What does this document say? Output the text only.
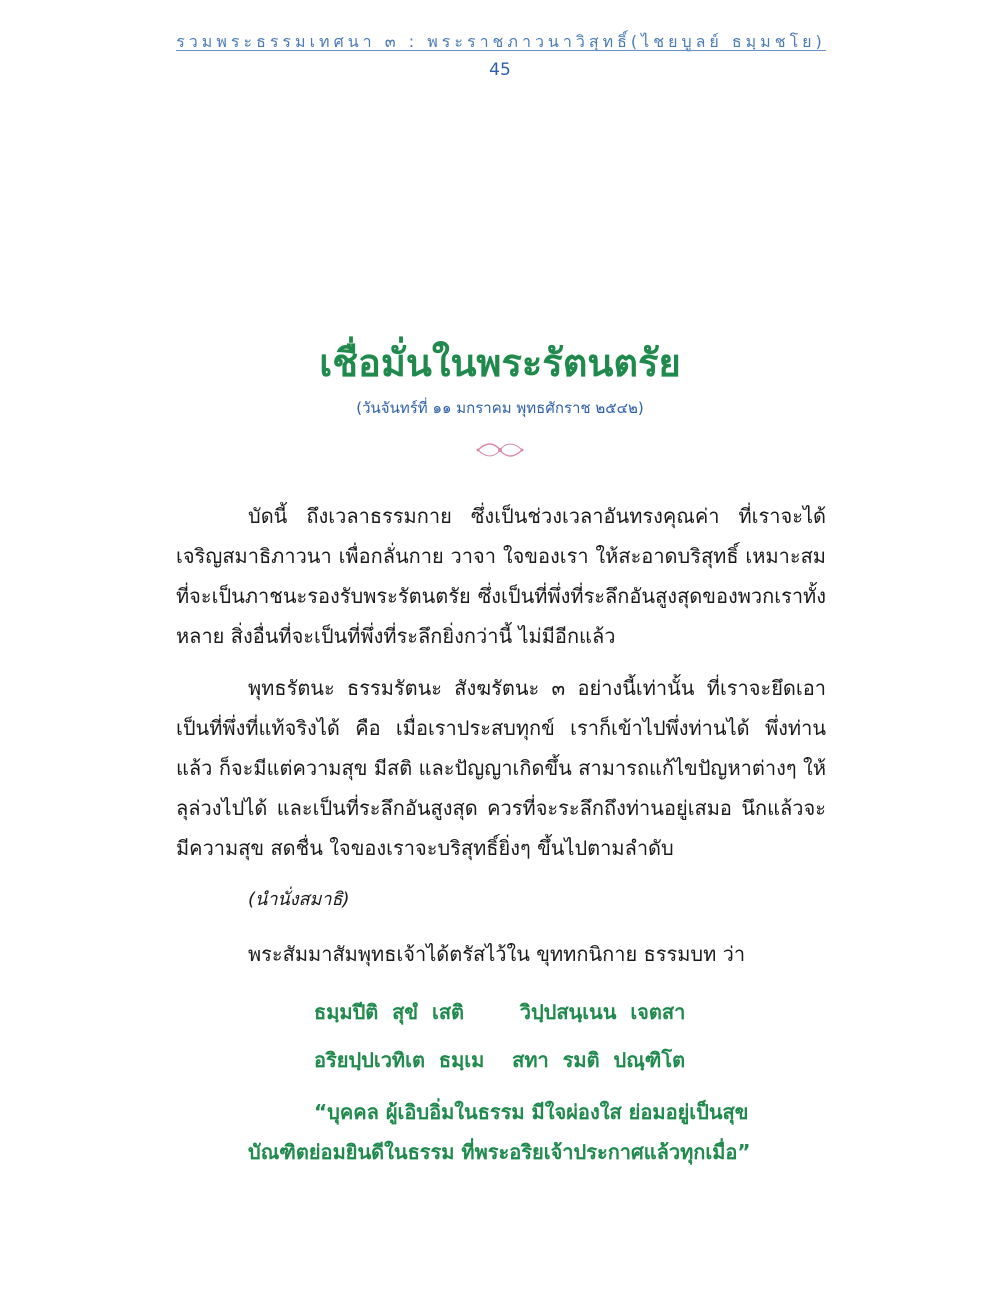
รวมพระธรรมเทศนา ๓ : พระราชภาวนาวิสุทธิ์(ไชยบูลย์ ธมฺมชโย)
45
เชื่อมั่นในพระรัตนตรัย
(วันจันทร์ที่ ๑๑ มกราคม พุทธศักราช ๒๕๔๒)

บัดนี้ ถึงเวลาธรรมกาย ซึ่งเป็นช่วงเวลาอันทรงคุณค่า ที่เราจะได้เจริญสมาธิภาวนา เพื่อกลั่นกาย วาจา ใจของเรา ให้สะอาดบริสุทธิ์ เหมาะสมที่จะเป็นภาชนะรองรับพระรัตนตรัย ซึ่งเป็นที่พึ่งที่ระลึกอันสูงสุดของพวกเราทั้งหลาย สิ่งอื่นที่จะเป็นที่พึ่งที่ระลึกยิ่งกว่านี้ ไม่มีอีกแล้ว

พุทธรัตนะ ธรรมรัตนะ สังฆรัตนะ ๓ อย่างนี้เท่านั้น ที่เราจะยึดเอาเป็นที่พึ่งที่แท้จริงได้ คือ เมื่อเราประสบทุกข์ เราก็เข้าไปพึ่งท่านได้ พึ่งท่านแล้ว ก็จะมีแต่ความสุข มีสติ และปัญญาเกิดขึ้น สามารถแก้ไขปัญหาต่างๆ ให้ลุล่วงไปได้ และเป็นที่ระลึกอันสูงสุด ควรที่จะระลึกถึงท่านอยู่เสมอ นึกแล้วจะมีความสุข สดชื่น ใจของเราจะบริสุทธิ์ยิ่งๆ ขึ้นไปตามลำดับ

(นำนั่งสมาธิ)
พระสัมมาสัมพุทธเจ้าได้ตรัสไว้ใน ขุททกนิกาย ธรรมบท ว่า
ธมฺมปีติ  สุขํ  เสติ        วิปฺปสนฺเนน  เจตสา
อริยปฺปเวทิเต  ธมฺเม    สทา  รมติ  ปณฺฑิโต
“บุคคล ผู้เอิบอิ่มในธรรม มีใจผ่องใส ย่อมอยู่เป็นสุข บัณฑิตย่อมยินดีในธรรม ที่พระอริยเจ้าประกาศแล้วทุกเมื่อ”
